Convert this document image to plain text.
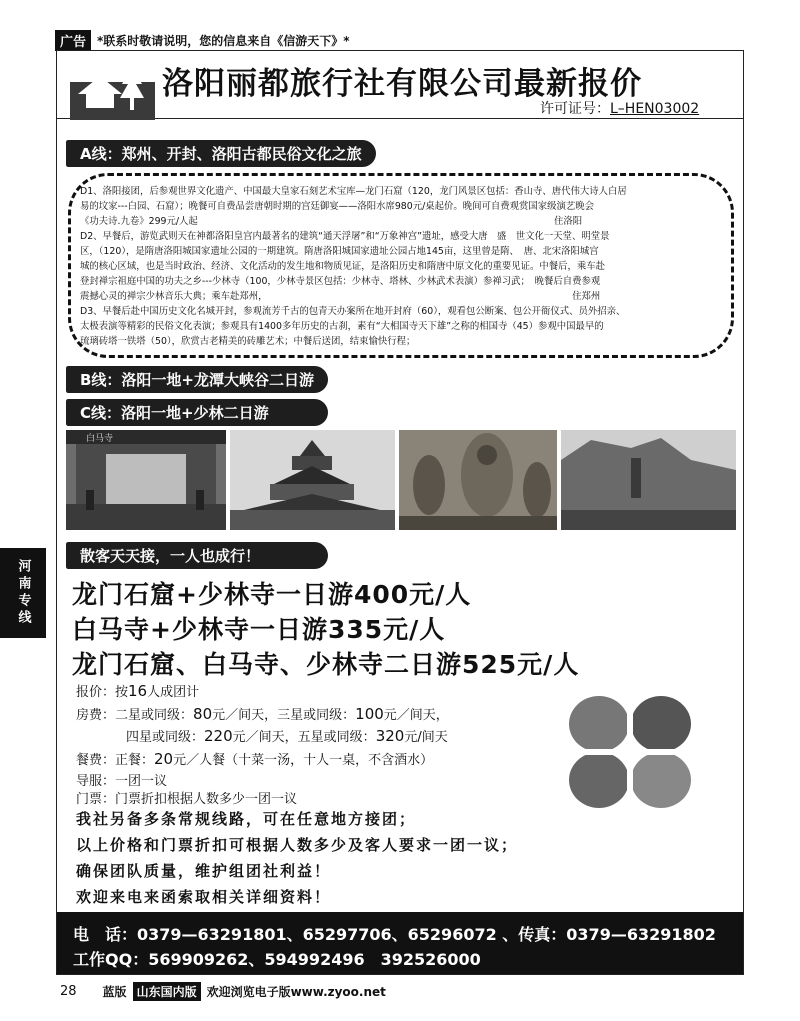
广告 *联系时敬请说明，您的信息来自《信游天下》*
洛阳丽都旅行社有限公司最新报价
许可证号：L–HEN03002
A线：郑州、开封、洛阳古都民俗文化之旅

D1、洛阳接团，后参观世界文化遗产、中国最大皇家石刻艺术宝库—龙门石窟（120，龙门风景区包括：香山寺、唐代伟大诗人白居

易的坟家---白园、石窟）；晚餐可自费品尝唐朝时期的宫廷御宴——洛阳水席980元/桌起价。晚间可自费观赏国家级演艺晚会

《功夫诗.九卷》299元/人起　　　　　　　　　　　　　　　　　　　　　　　　　　　　　　　　　　　　　　住洛阳

D2、早餐后，游览武则天在神都洛阳皇宫内最著名的建筑“通天浮屠”和“万象神宫”遗址，感受大唐　盛　世文化一天堂、明堂景

区，（120），是隋唐洛阳城国家遗址公园的一期建筑。隋唐洛阳城国家遗址公园占地145亩，这里曾是隋、　唐、北宋洛阳城宫

城的核心区域，也是当时政治、经济、文化活动的发生地和物质见证，是洛阳历史和隋唐中原文化的重要见证。中餐后，乘车赴

登封禅宗祖庭中国的功夫之乡---少林寺（100，少林寺景区包括：少林寺、塔林、少林武术表演）参禅习武；　晚餐后自费参观

震撼心灵的禅宗少林音乐大典；乘车赴郑州，　　　　　　　　　　　　　　　　　　　　　　　　　　　　　　　　　住郑州

D3、早餐后赴中国历史文化名城开封，参观流芳千古的包青天办案所在地开封府（60），观看包公断案、包公开衙仪式、员外招亲、

太极表演等精彩的民俗文化表演；参观具有1400多年历史的古刹，素有“大相国寺天下雄”之称的相国寺（45）参观中国最早的

琉璃砖塔一铁塔（50），欣赏古老精美的砖雕艺术；中餐后送团，结束愉快行程；

B线：洛阳一地+龙潭大峡谷二日游
C线：洛阳一地+少林二日游
白马寺
散客天天接，一人也成行！
龙门石窟+少林寺一日游400元/人
白马寺+少林寺一日游335元/人
龙门石窟、白马寺、少林寺二日游525元/人
报价：按16人成团计
房费：二星或同级：80元／间天，三星或同级：100元／间天，
四星或同级：220元／间天，五星或同级：320元/间天
餐费：正餐：20元／人餐（十菜一汤，十人一桌，不含酒水）
导服：一团一议
门票：门票折扣根据人数多少一团一议
我社另备多条常规线路，可在任意地方接团；
以上价格和门票折扣可根据人数多少及客人要求一团一议；
确保团队质量，维护组团社利益！
欢迎来电来函索取相关详细资料！
电　话：0379—63291801、65297706、65296072 、传真：0379—63291802
工作QQ：569909262、594992496　392526000
河南专线
28 蓝版 山东国内版 欢迎浏览电子版www.zyoo.net
